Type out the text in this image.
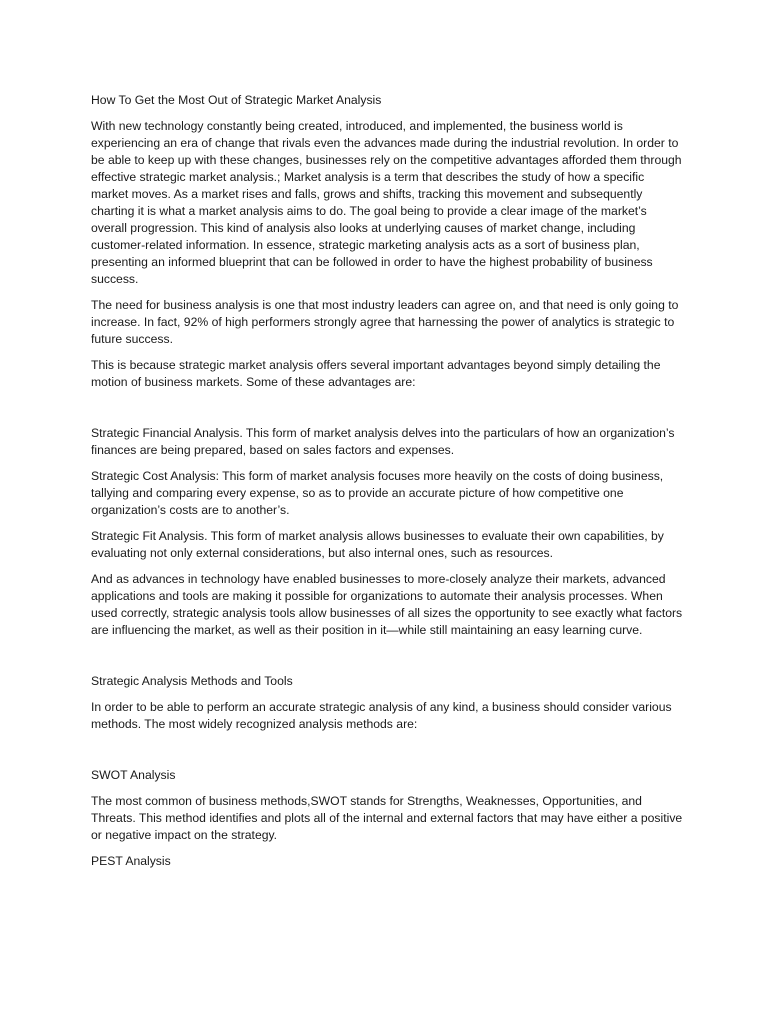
How To Get the Most Out of Strategic Market Analysis

With new technology constantly being created, introduced, and implemented, the business world is experiencing an era of change that rivals even the advances made during the industrial revolution. In order to be able to keep up with these changes, businesses rely on the competitive advantages afforded them through effective strategic market analysis.; Market analysis is a term that describes the study of how a specific market moves. As a market rises and falls, grows and shifts, tracking this movement and subsequently charting it is what a market analysis aims to do. The goal being to provide a clear image of the market’s overall progression. This kind of analysis also looks at underlying causes of market change, including customer-related information. In essence, strategic marketing analysis acts as a sort of business plan, presenting an informed blueprint that can be followed in order to have the highest probability of business success.

The need for business analysis is one that most industry leaders can agree on, and that need is only going to increase. In fact, 92% of high performers strongly agree that harnessing the power of analytics is strategic to future success.

This is because strategic market analysis offers several important advantages beyond simply detailing the motion of business markets. Some of these advantages are:

Strategic Financial Analysis. This form of market analysis delves into the particulars of how an organization’s finances are being prepared, based on sales factors and expenses.

Strategic Cost Analysis: This form of market analysis focuses more heavily on the costs of doing business, tallying and comparing every expense, so as to provide an accurate picture of how competitive one organization’s costs are to another’s.

Strategic Fit Analysis. This form of market analysis allows businesses to evaluate their own capabilities, by evaluating not only external considerations, but also internal ones, such as resources.

And as advances in technology have enabled businesses to more-closely analyze their markets, advanced applications and tools are making it possible for organizations to automate their analysis processes. When used correctly, strategic analysis tools allow businesses of all sizes the opportunity to see exactly what factors are influencing the market, as well as their position in it—while still maintaining an easy learning curve.

Strategic Analysis Methods and Tools

In order to be able to perform an accurate strategic analysis of any kind, a business should consider various methods. The most widely recognized analysis methods are:

SWOT Analysis

The most common of business methods,SWOT stands for Strengths, Weaknesses, Opportunities, and Threats. This method identifies and plots all of the internal and external factors that may have either a positive or negative impact on the strategy.

PEST Analysis
